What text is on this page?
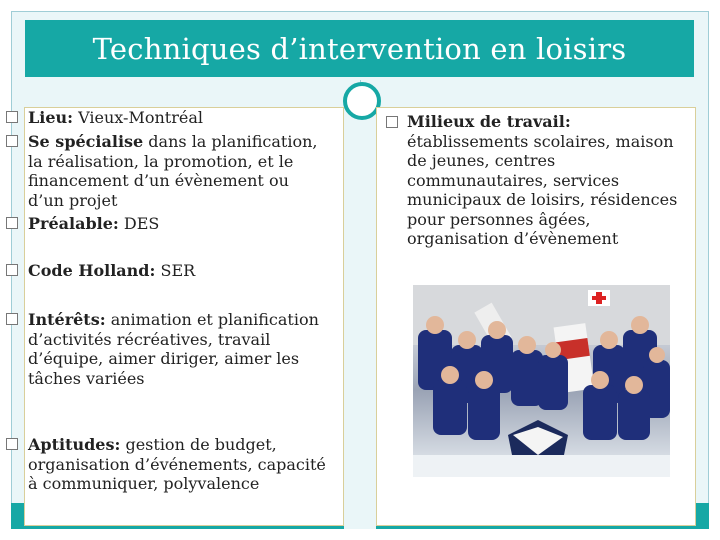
Techniques d’intervention en loisirs
Lieu: Vieux-Montréal
Se spécialise dans la planification, la réalisation, la promotion, et le financement d’un évènement ou d’un projet
Préalable: DES
Code Holland: SER
Intérêts: animation et planification d’activités récréatives, travail d’équipe, aimer diriger, aimer les tâches variées
Aptitudes: gestion de budget, organisation d’événements, capacité à communiquer, polyvalence
Milieux de travail:
établissements scolaires, maison de jeunes, centres communautaires, services municipaux de loisirs, résidences pour personnes âgées, organisation d’évènement
